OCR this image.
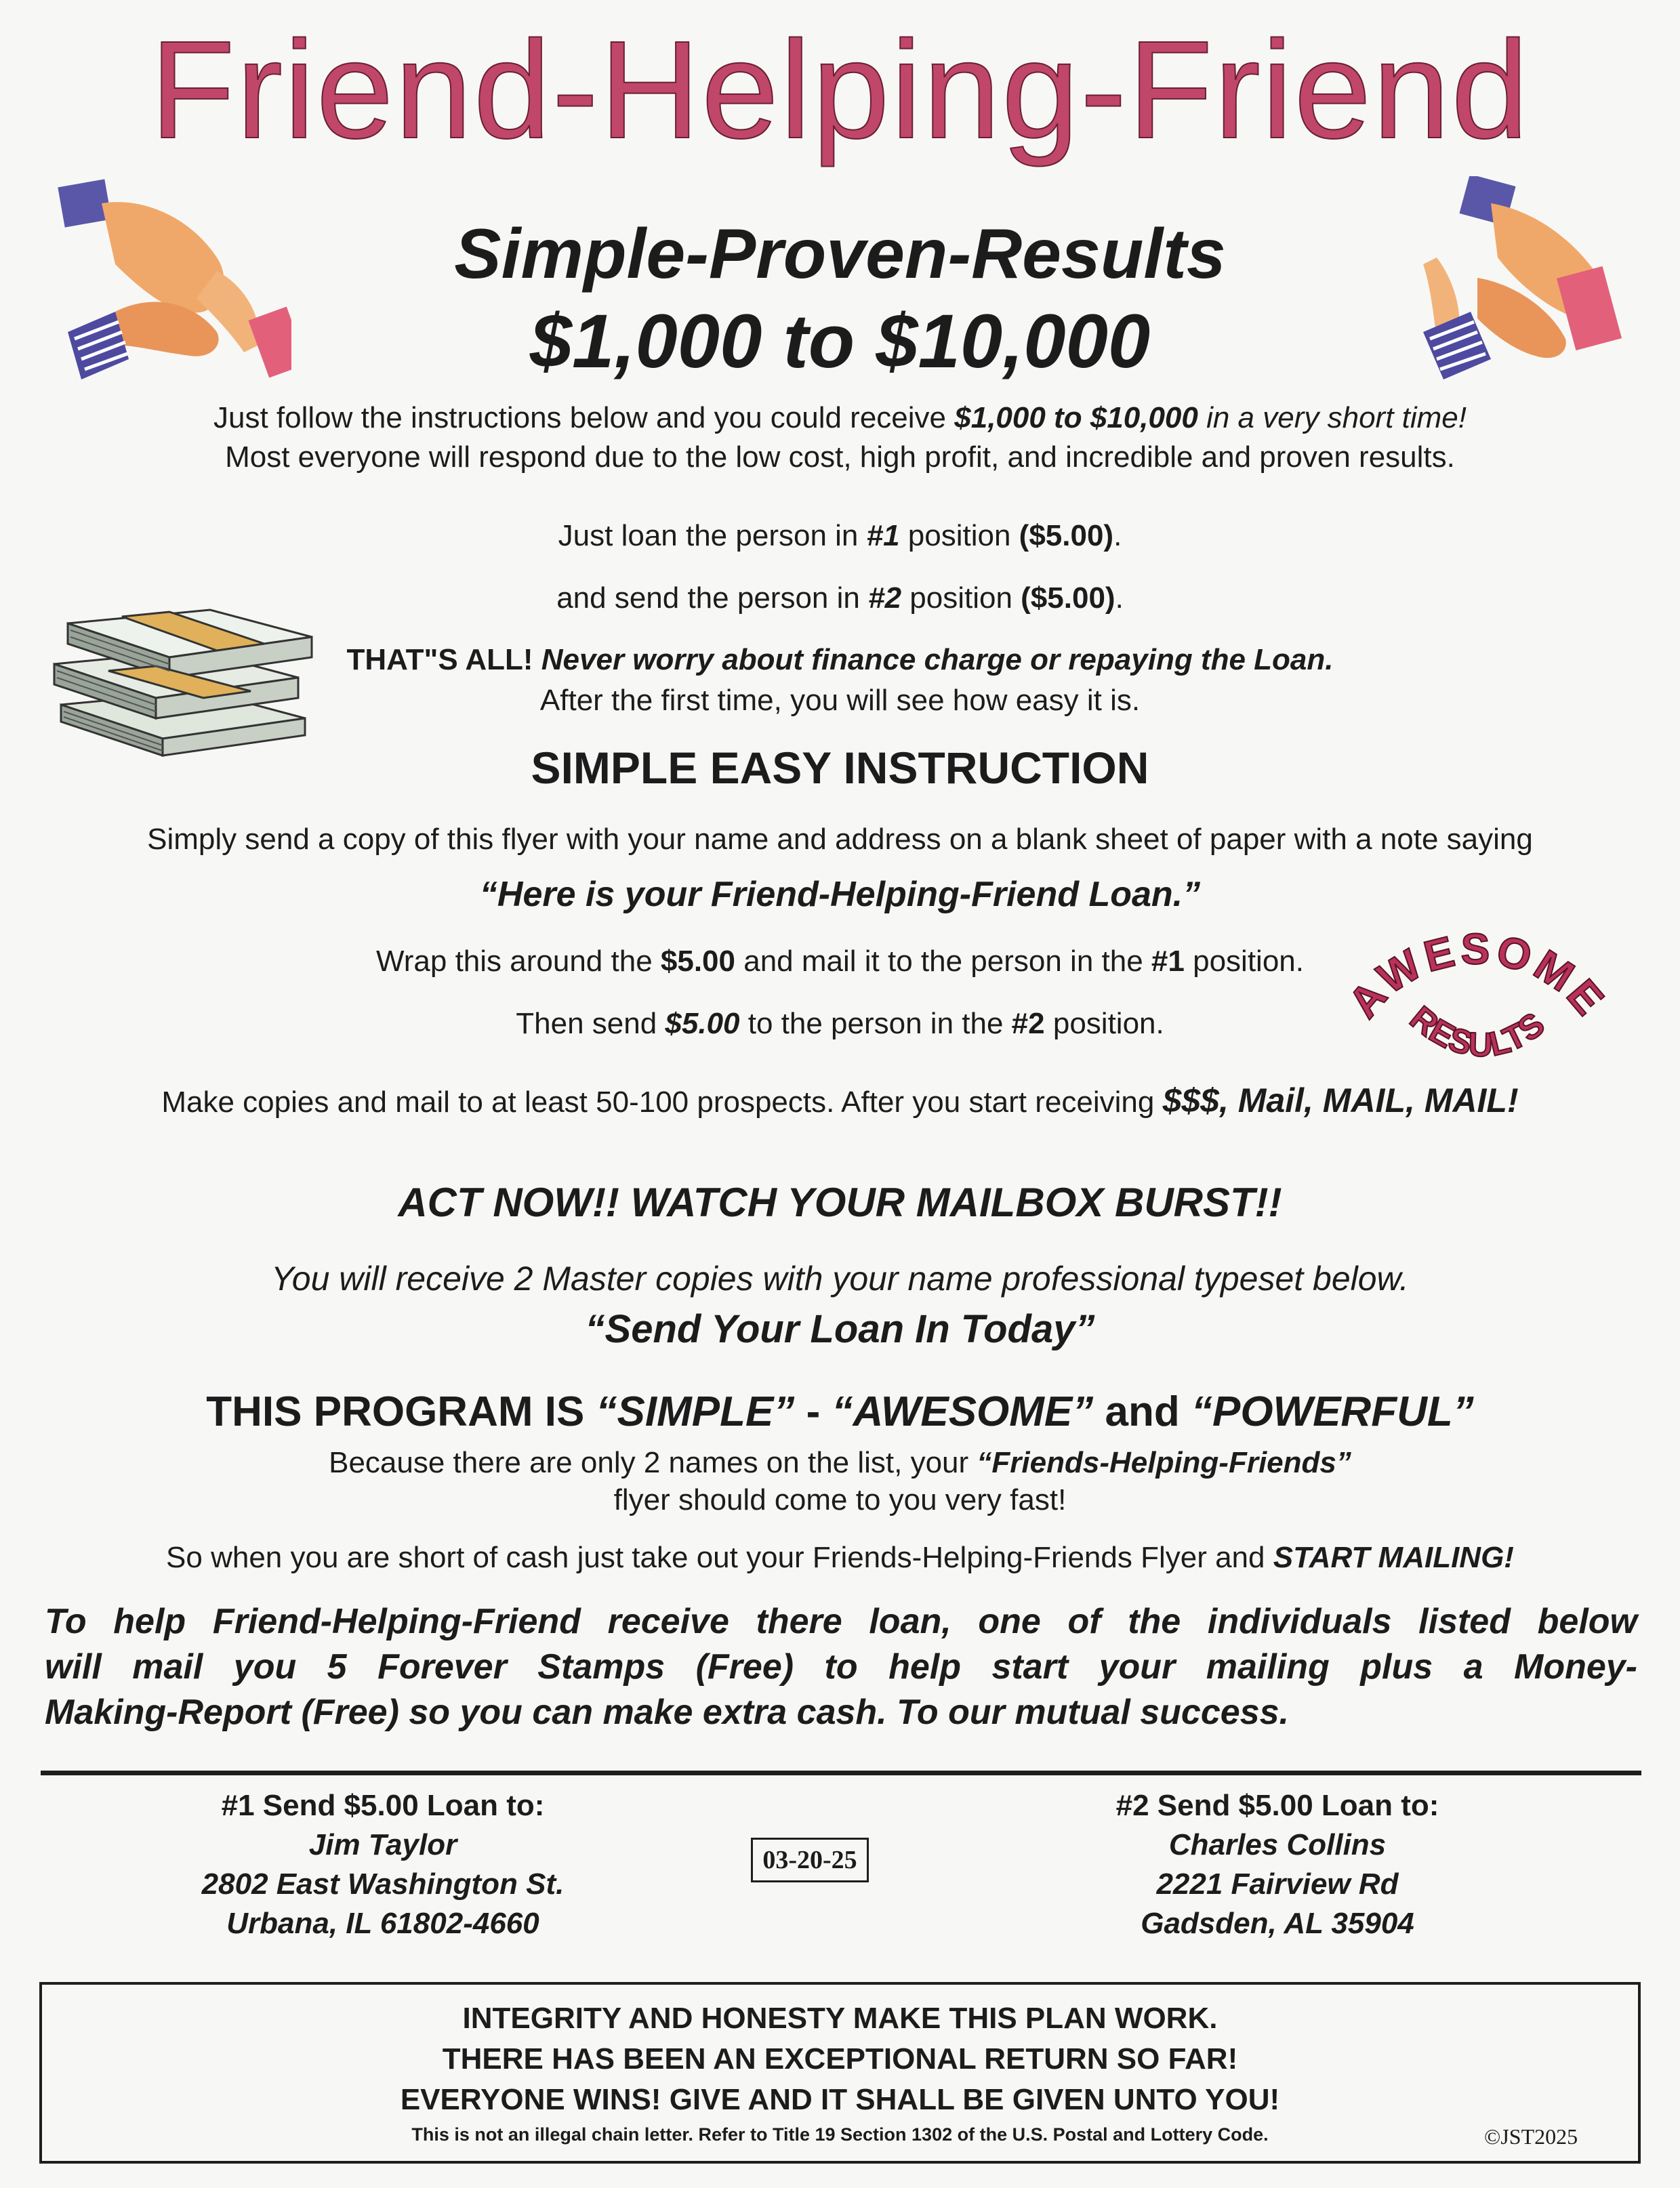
Friend-Helping-Friend
Simple-Proven-Results
$1,000 to $10,000
Just follow the instructions below and you could receive $1,000 to $10,000 in a very short time!
Most everyone will respond due to the low cost, high profit, and incredible and proven results.
Just loan the person in #1 position ($5.00).
and send the person in #2 position ($5.00).
THAT"S ALL! Never worry about finance charge or repaying the Loan.
After the first time, you will see how easy it is.
SIMPLE EASY INSTRUCTION
Simply send a copy of this flyer with your name and address on a blank sheet of paper with a note saying
“Here is your Friend-Helping-Friend Loan.”
Wrap this around the $5.00 and mail it to the person in the #1 position.
Then send $5.00 to the person in the #2 position.	AWESOME
RESULTS
Make copies and mail to at least 50-100 prospects. After you start receiving $$$, Mail, MAIL, MAIL!
ACT NOW!! WATCH YOUR MAILBOX BURST!!
You will receive 2 Master copies with your name professional typeset below.
“Send Your Loan In Today”
THIS PROGRAM IS “SIMPLE” - “AWESOME” and “POWERFUL”
Because there are only 2 names on the list, your “Friends-Helping-Friends”
flyer should come to you very fast!
So when you are short of cash just take out your Friends-Helping-Friends Flyer and START MAILING!
To help Friend-Helping-Friend receive there loan, one of the individuals listed below
will mail you 5 Forever Stamps (Free) to help start your mailing plus a Money-
Making-Report (Free) so you can make extra cash. To our mutual success.
#1 Send $5.00 Loan to:
Jim Taylor
2802 East Washington St.
Urbana, IL 61802-4660
03-20-25
#2 Send $5.00 Loan to:
Charles Collins
2221 Fairview Rd
Gadsden, AL 35904
INTEGRITY AND HONESTY MAKE THIS PLAN WORK.
THERE HAS BEEN AN EXCEPTIONAL RETURN SO FAR!
EVERYONE WINS! GIVE AND IT SHALL BE GIVEN UNTO YOU!
This is not an illegal chain letter. Refer to Title 19 Section 1302 of the U.S. Postal and Lottery Code.	©JST2025
